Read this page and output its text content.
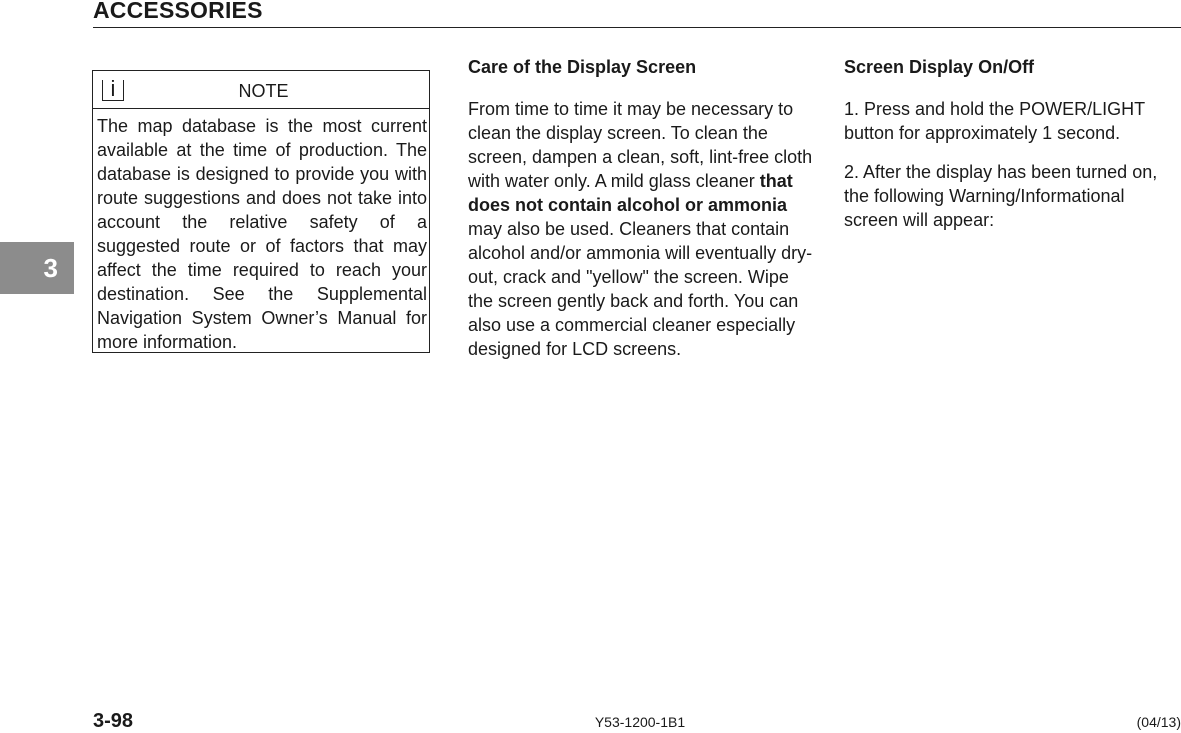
ACCESSORIES
3
i	NOTE
The map database is the most current available at the time of production. The database is designed to provide you with route suggestions and does not take into account the relative safety of a suggested route or of factors that may affect the time required to reach your destination. See the Supplemental Navigation System Owner’s Manual for more information.
Care of the Display Screen

From time to time it may be necessary to clean the display screen. To clean the screen, dampen a clean, soft, lint-free cloth with water only. A mild glass cleaner that does not contain alcohol or ammonia may also be used. Cleaners that contain alcohol and/or ammonia will eventually dry-out, crack and "yellow" the screen. Wipe the screen gently back and forth. You can also use a commercial cleaner especially designed for LCD screens.

Screen Display On/Off

1. Press and hold the POWER/LIGHT button for approximately 1 second.

2. After the display has been turned on, the following Warning/Informational screen will appear:

3-98	Y53-1200-1B1	(04/13)
